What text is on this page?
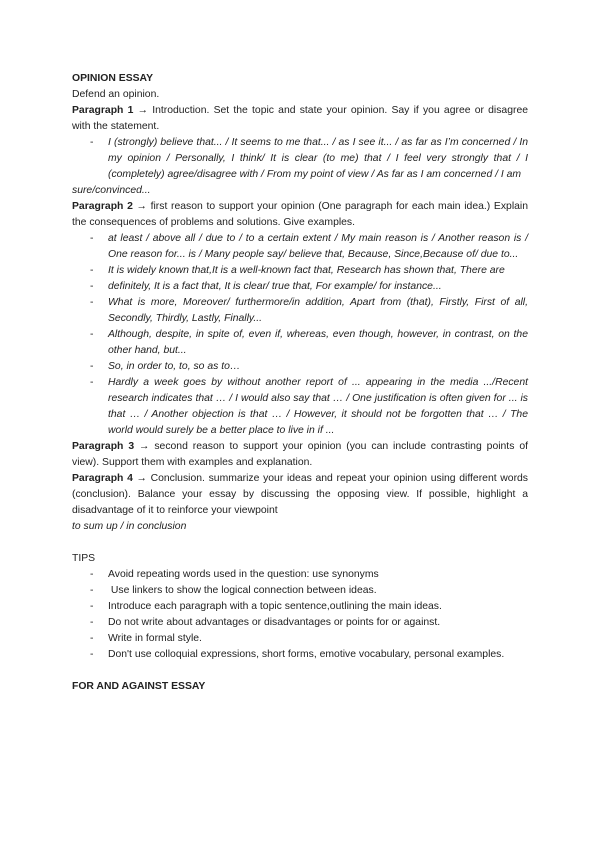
OPINION ESSAY
Defend an opinion.
Paragraph 1 → Introduction. Set the topic and state your opinion. Say if you agree or disagree with the statement.
- I (strongly) believe that... / It seems to me that... / as I see it... / as far as I’m concerned / In my opinion / Personally, I think/ It is clear (to me) that / I feel very strongly that / I (completely) agree/disagree with / From my point of view / As far as I am concerned / I am
sure/convinced...
Paragraph 2 → first reason to support your opinion (One paragraph for each main idea.) Explain the consequences of problems and solutions. Give examples.
- at least / above all / due to / to a certain extent / My main reason is / Another reason is / One reason for... is / Many people say/ believe that, Because, Since,Because of/ due to...
- It is widely known that,It is a well-known fact that, Research has shown that, There are
- definitely, It is a fact that, It is clear/ true that, For example/ for instance...
- What is more, Moreover/ furthermore/in addition, Apart from (that), Firstly, First of all, Secondly, Thirdly, Lastly, Finally...
- Although, despite, in spite of, even if, whereas, even though, however, in contrast, on the other hand, but...
- So, in order to, to, so as to…
- Hardly a week goes by without another report of ... appearing in the media .../Recent research indicates that … / I would also say that … / One justification is often given for ... is that … / Another objection is that … / However, it should not be forgotten that … / The world would surely be a better place to live in if ...
Paragraph 3 → second reason to support your opinion (you can include contrasting points of view). Support them with examples and explanation.
Paragraph 4 → Conclusion. summarize your ideas and repeat your opinion using different words (conclusion). Balance your essay by discussing the opposing view. If possible, highlight a disadvantage of it to reinforce your viewpoint
to sum up / in conclusion
TIPS
- Avoid repeating words used in the question: use synonyms
-  Use linkers to show the logical connection between ideas.
- Introduce each paragraph with a topic sentence,outlining the main ideas.
- Do not write about advantages or disadvantages or points for or against.
- Write in formal style.
- Don't use colloquial expressions, short forms, emotive vocabulary, personal examples.
FOR AND AGAINST ESSAY
